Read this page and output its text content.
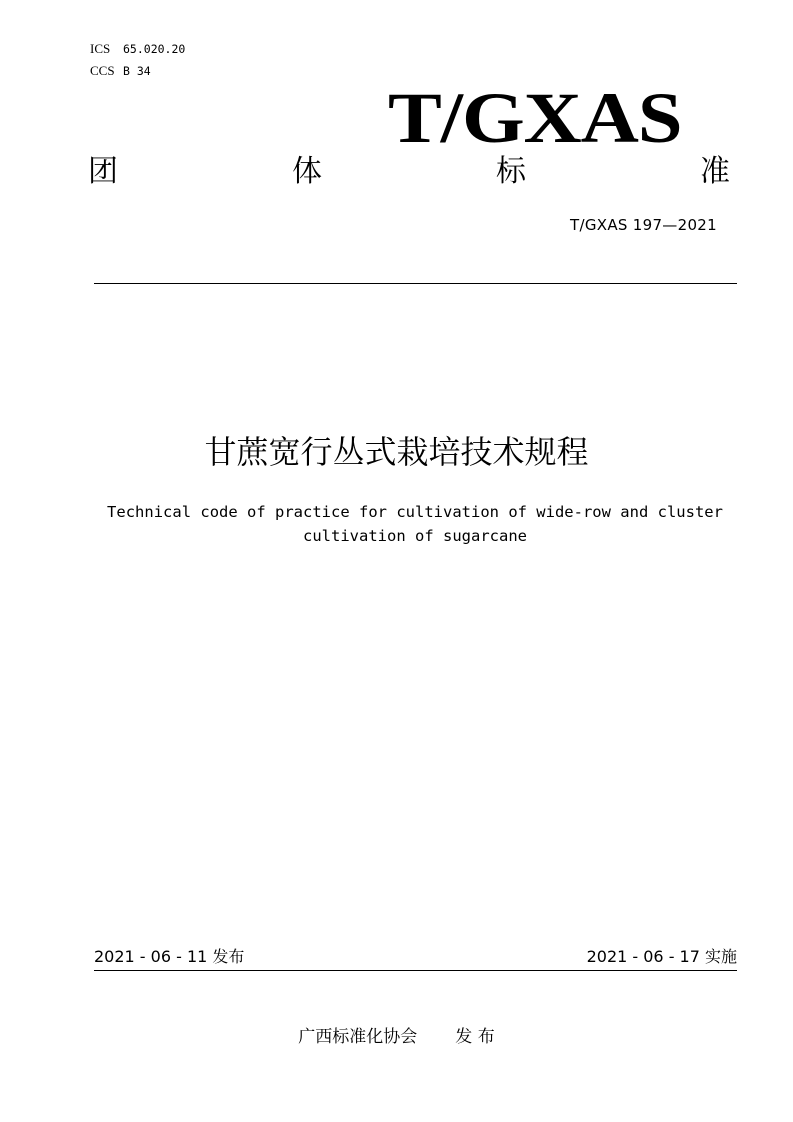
ICS 65.020.20
CCS B 34
T/GXAS
团	体	标	准
T/GXAS 197—2021
甘蔗宽行丛式栽培技术规程
Technical code of practice for cultivation of wide-row and cluster
cultivation of sugarcane
2021 - 06 - 11 发布	2021 - 06 - 17 实施
广西标准化协会 发 布
